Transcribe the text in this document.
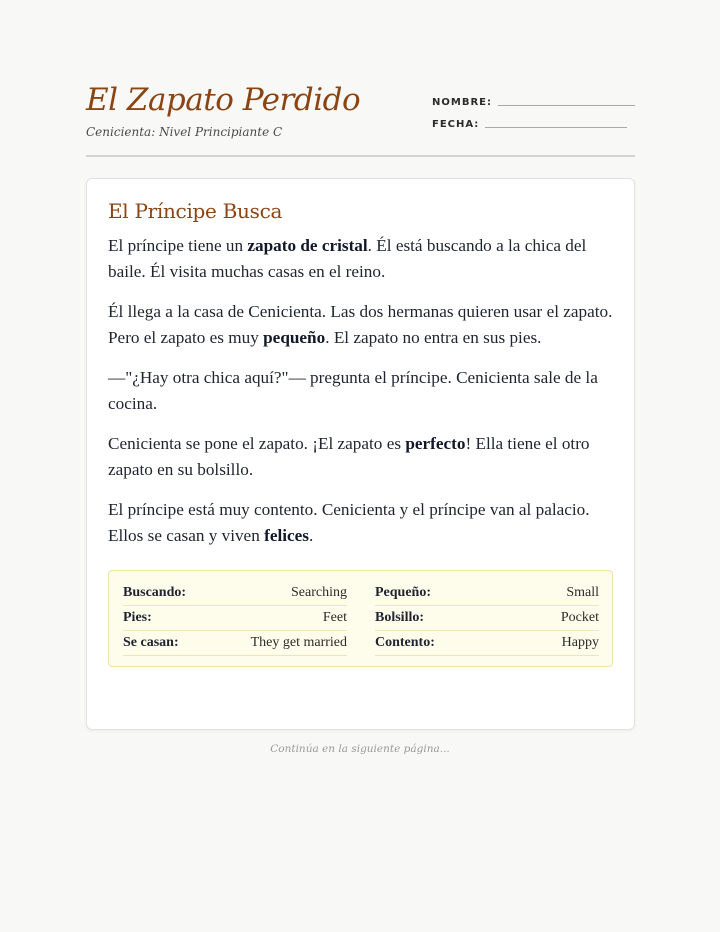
El Zapato Perdido
Cenicienta: Nivel Principiante C
NOMBRE:
FECHA:
El Príncipe Busca

El príncipe tiene un zapato de cristal. Él está buscando a la chica del baile. Él visita muchas casas en el reino.

Él llega a la casa de Cenicienta. Las dos hermanas quieren usar el zapato. Pero el zapato es muy pequeño. El zapato no entra en sus pies.

—"¿Hay otra chica aquí?"— pregunta el príncipe. Cenicienta sale de la cocina.

Cenicienta se pone el zapato. ¡El zapato es perfecto! Ella tiene el otro zapato en su bolsillo.

El príncipe está muy contento. Cenicienta y el príncipe van al palacio. Ellos se casan y viven felices.

Buscando:	Searching Pequeño:	Small
Pies:	Feet Bolsillo:	Pocket
Se casan:	They get married Contento:	Happy
Continúa en la siguiente página...
